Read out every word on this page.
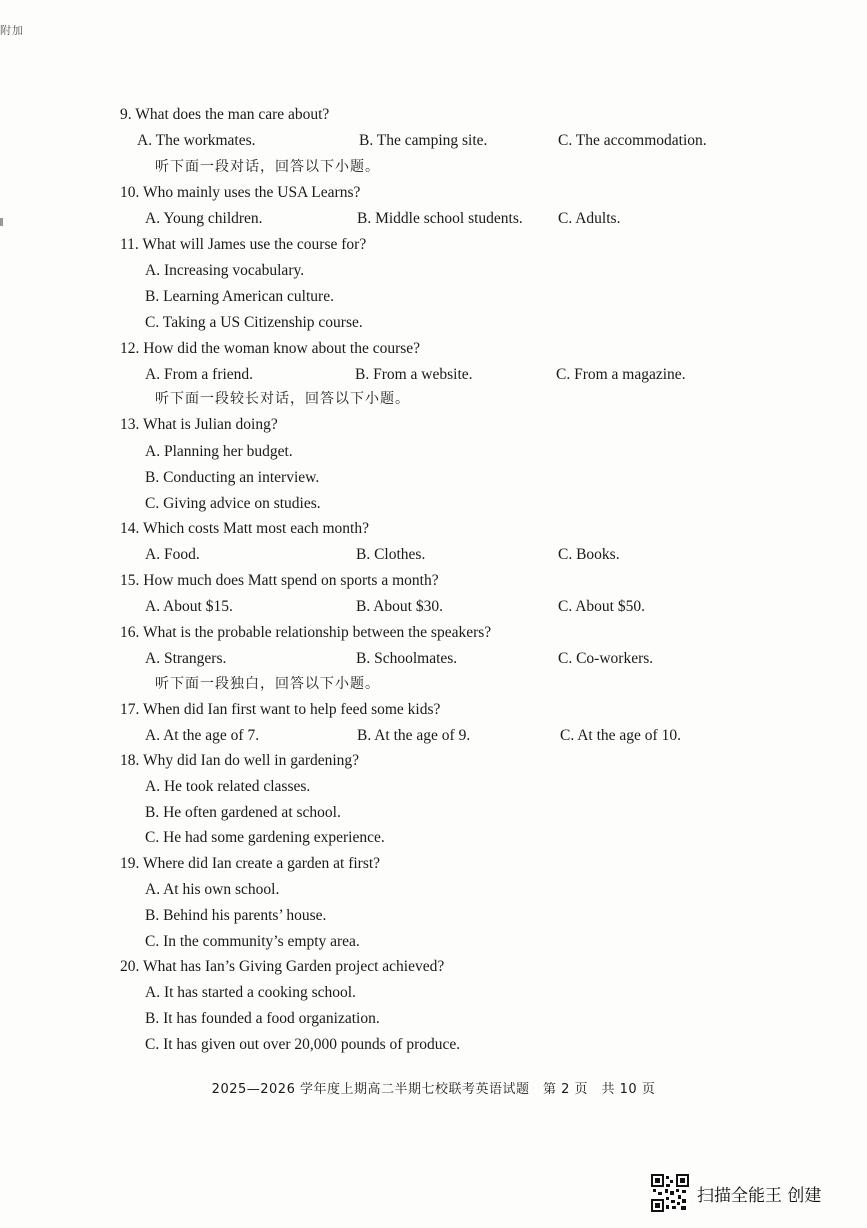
附加
9. What does the man care about?
A. The workmates.	B. The camping site.	C. The accommodation.
听下面一段对话，回答以下小题。
10. Who mainly uses the USA Learns?
A. Young children.	B. Middle school students. C. Adults.
11. What will James use the course for?
A. Increasing vocabulary.
B. Learning American culture.
C. Taking a US Citizenship course.
12. How did the woman know about the course?
A. From a friend.	B. From a website.	C. From a magazine.
听下面一段较长对话，回答以下小题。
13. What is Julian doing?
A. Planning her budget.
B. Conducting an interview.
C. Giving advice on studies.
14. Which costs Matt most each month?
A. Food.	B. Clothes.	C. Books.
15. How much does Matt spend on sports a month?
A. About $15.	B. About $30.	C. About $50.
16. What is the probable relationship between the speakers?
A. Strangers.	B. Schoolmates.	C. Co-workers.
听下面一段独白，回答以下小题。
17. When did Ian first want to help feed some kids?
A. At the age of 7.	B. At the age of 9.	C. At the age of 10.
18. Why did Ian do well in gardening?
A. He took related classes.
B. He often gardened at school.
C. He had some gardening experience.
19. Where did Ian create a garden at first?
A. At his own school.
B. Behind his parents’ house.
C. In the community’s empty area.
20. What has Ian’s Giving Garden project achieved?
A. It has started a cooking school.
B. It has founded a food organization.
C. It has given out over 20,000 pounds of produce.
2025—2026 学年度上期高二半期七校联考英语试题　第 2 页　共 10 页
扫描全能王 创建
